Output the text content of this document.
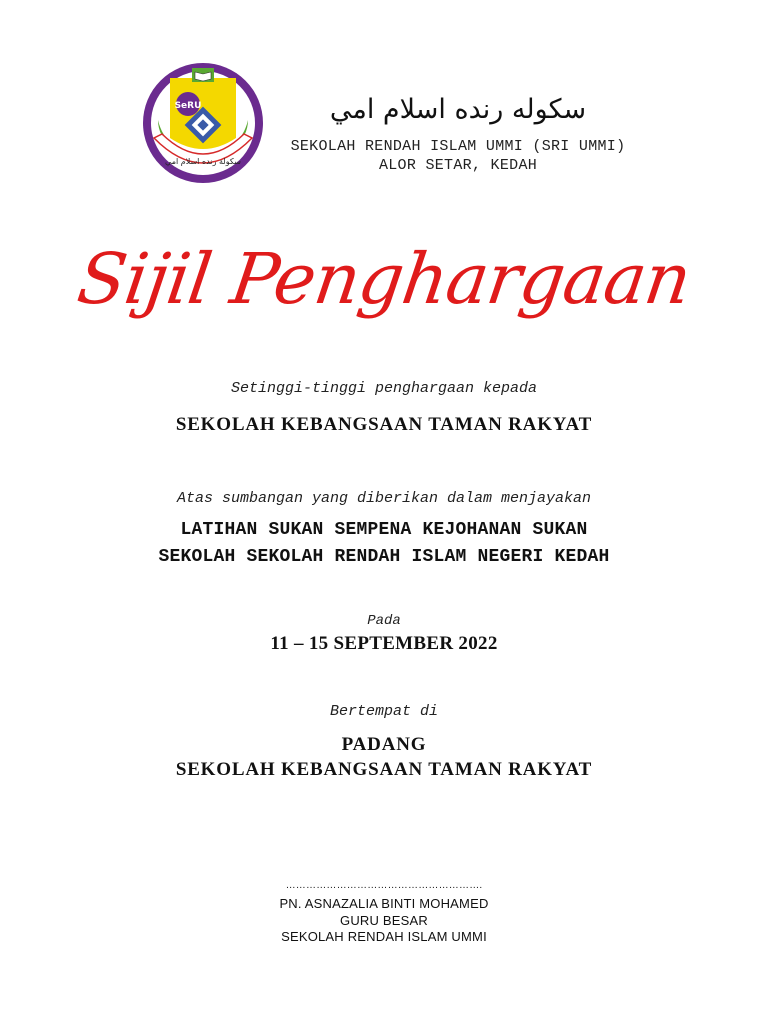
SeRU
سكولة رنده اسلام امي
سكوله رنده اسلام امي
SEKOLAH RENDAH ISLAM UMMI (SRI UMMI)
ALOR SETAR, KEDAH
Sijil Penghargaan
Setinggi-tinggi penghargaan kepada
SEKOLAH KEBANGSAAN TAMAN RAKYAT
Atas sumbangan yang diberikan dalam menjayakan
LATIHAN SUKAN SEMPENA KEJOHANAN SUKAN
SEKOLAH SEKOLAH RENDAH ISLAM NEGERI KEDAH
Pada
11 – 15 SEPTEMBER 2022
Bertempat di
PADANG
SEKOLAH KEBANGSAAN TAMAN RAKYAT
………………………………………………….
PN. ASNAZALIA BINTI MOHAMED
GURU BESAR
SEKOLAH RENDAH ISLAM UMMI
